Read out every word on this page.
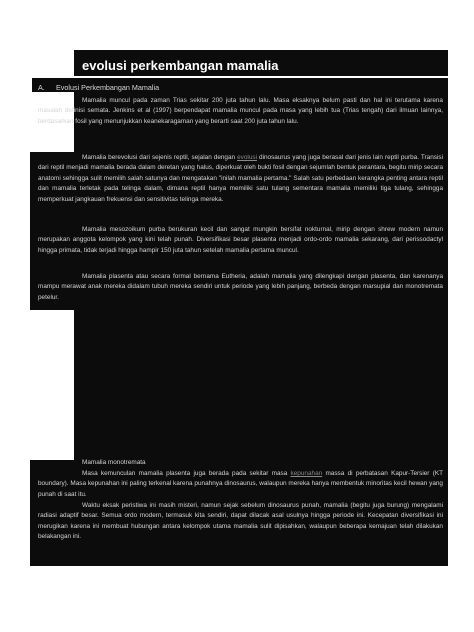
evolusi perkembangan mamalia
A. Evolusi Perkembangan Mamalia

Mamalia muncul pada zaman Trias sekitar 200 juta tahun lalu. Masa eksaknya belum pasti dan hal ini terutama karena masalah definisi semata. Jenkins et al (1997) berpendapat mamalia muncul pada masa yang lebih tua (Trias tengah) dari ilmuan lainnya, berdasarkan fosil yang menunjukkan keanekaragaman yang berarti saat 200 juta tahun lalu.

Mamalia berevolusi dari sejenis reptil, sejalan dengan evolusi dinosaurus yang juga berasal dari jenis lain reptil purba. Transisi dari reptil menjadi mamalia berada dalam deretan yang halus, diperkuat oleh bukti fosil dengan sejumlah bentuk perantara, begitu mirip secara anatomi sehingga sulit memilih salah satunya dan mengatakan "inilah mamalia pertama." Salah satu perbedaan kerangka penting antara reptil dan mamalia terletak pada telinga dalam, dimana reptil hanya memiliki satu tulang sementara mamalia memiliki tiga tulang, sehingga memperkuat jangkauan frekuensi dan sensitivitas telinga mereka.

Mamalia mesozoikum purba berukuran kecil dan sangat mungkin bersifat nokturnal, mirip dengan shrew modern namun merupakan anggota kelompok yang kini telah punah. Diversifikasi besar plasenta menjadi ordo-ordo mamalia sekarang, dari perissodactyl hingga primata, tidak terjadi hingga hampir 150 juta tahun setelah mamalia pertama muncul.

Mamalia plasenta atau secara formal bernama Eutheria, adalah mamalia yang dilengkapi dengan plasenta, dan karenanya mampu merawat anak mereka didalam tubuh mereka sendiri untuk periode yang lebih panjang, berbeda dengan marsupial dan monotremata petelur.

Mamalia monotremata

Masa kemunculan mamalia plasenta juga berada pada sekitar masa kepunahan massa di perbatasan Kapur-Tersier (KT boundary). Masa kepunahan ini paling terkenal karena punahnya dinosaurus, walaupun mereka hanya membentuk minoritas kecil hewan yang punah di saat itu.

Waktu eksak peristiwa ini masih misteri, namun sejak sebelum dinosaurus punah, mamalia (begitu juga burung) mengalami radiasi adaptif besar. Semua ordo modern, termasuk kita sendiri, dapat dilacak asal usulnya hingga periode ini. Kecepatan diversifikasi ini merugikan karena ini membuat hubungan antara kelompok utama mamalia sulit dipisahkan, walaupun beberapa kemajuan telah dilakukan belakangan ini.
